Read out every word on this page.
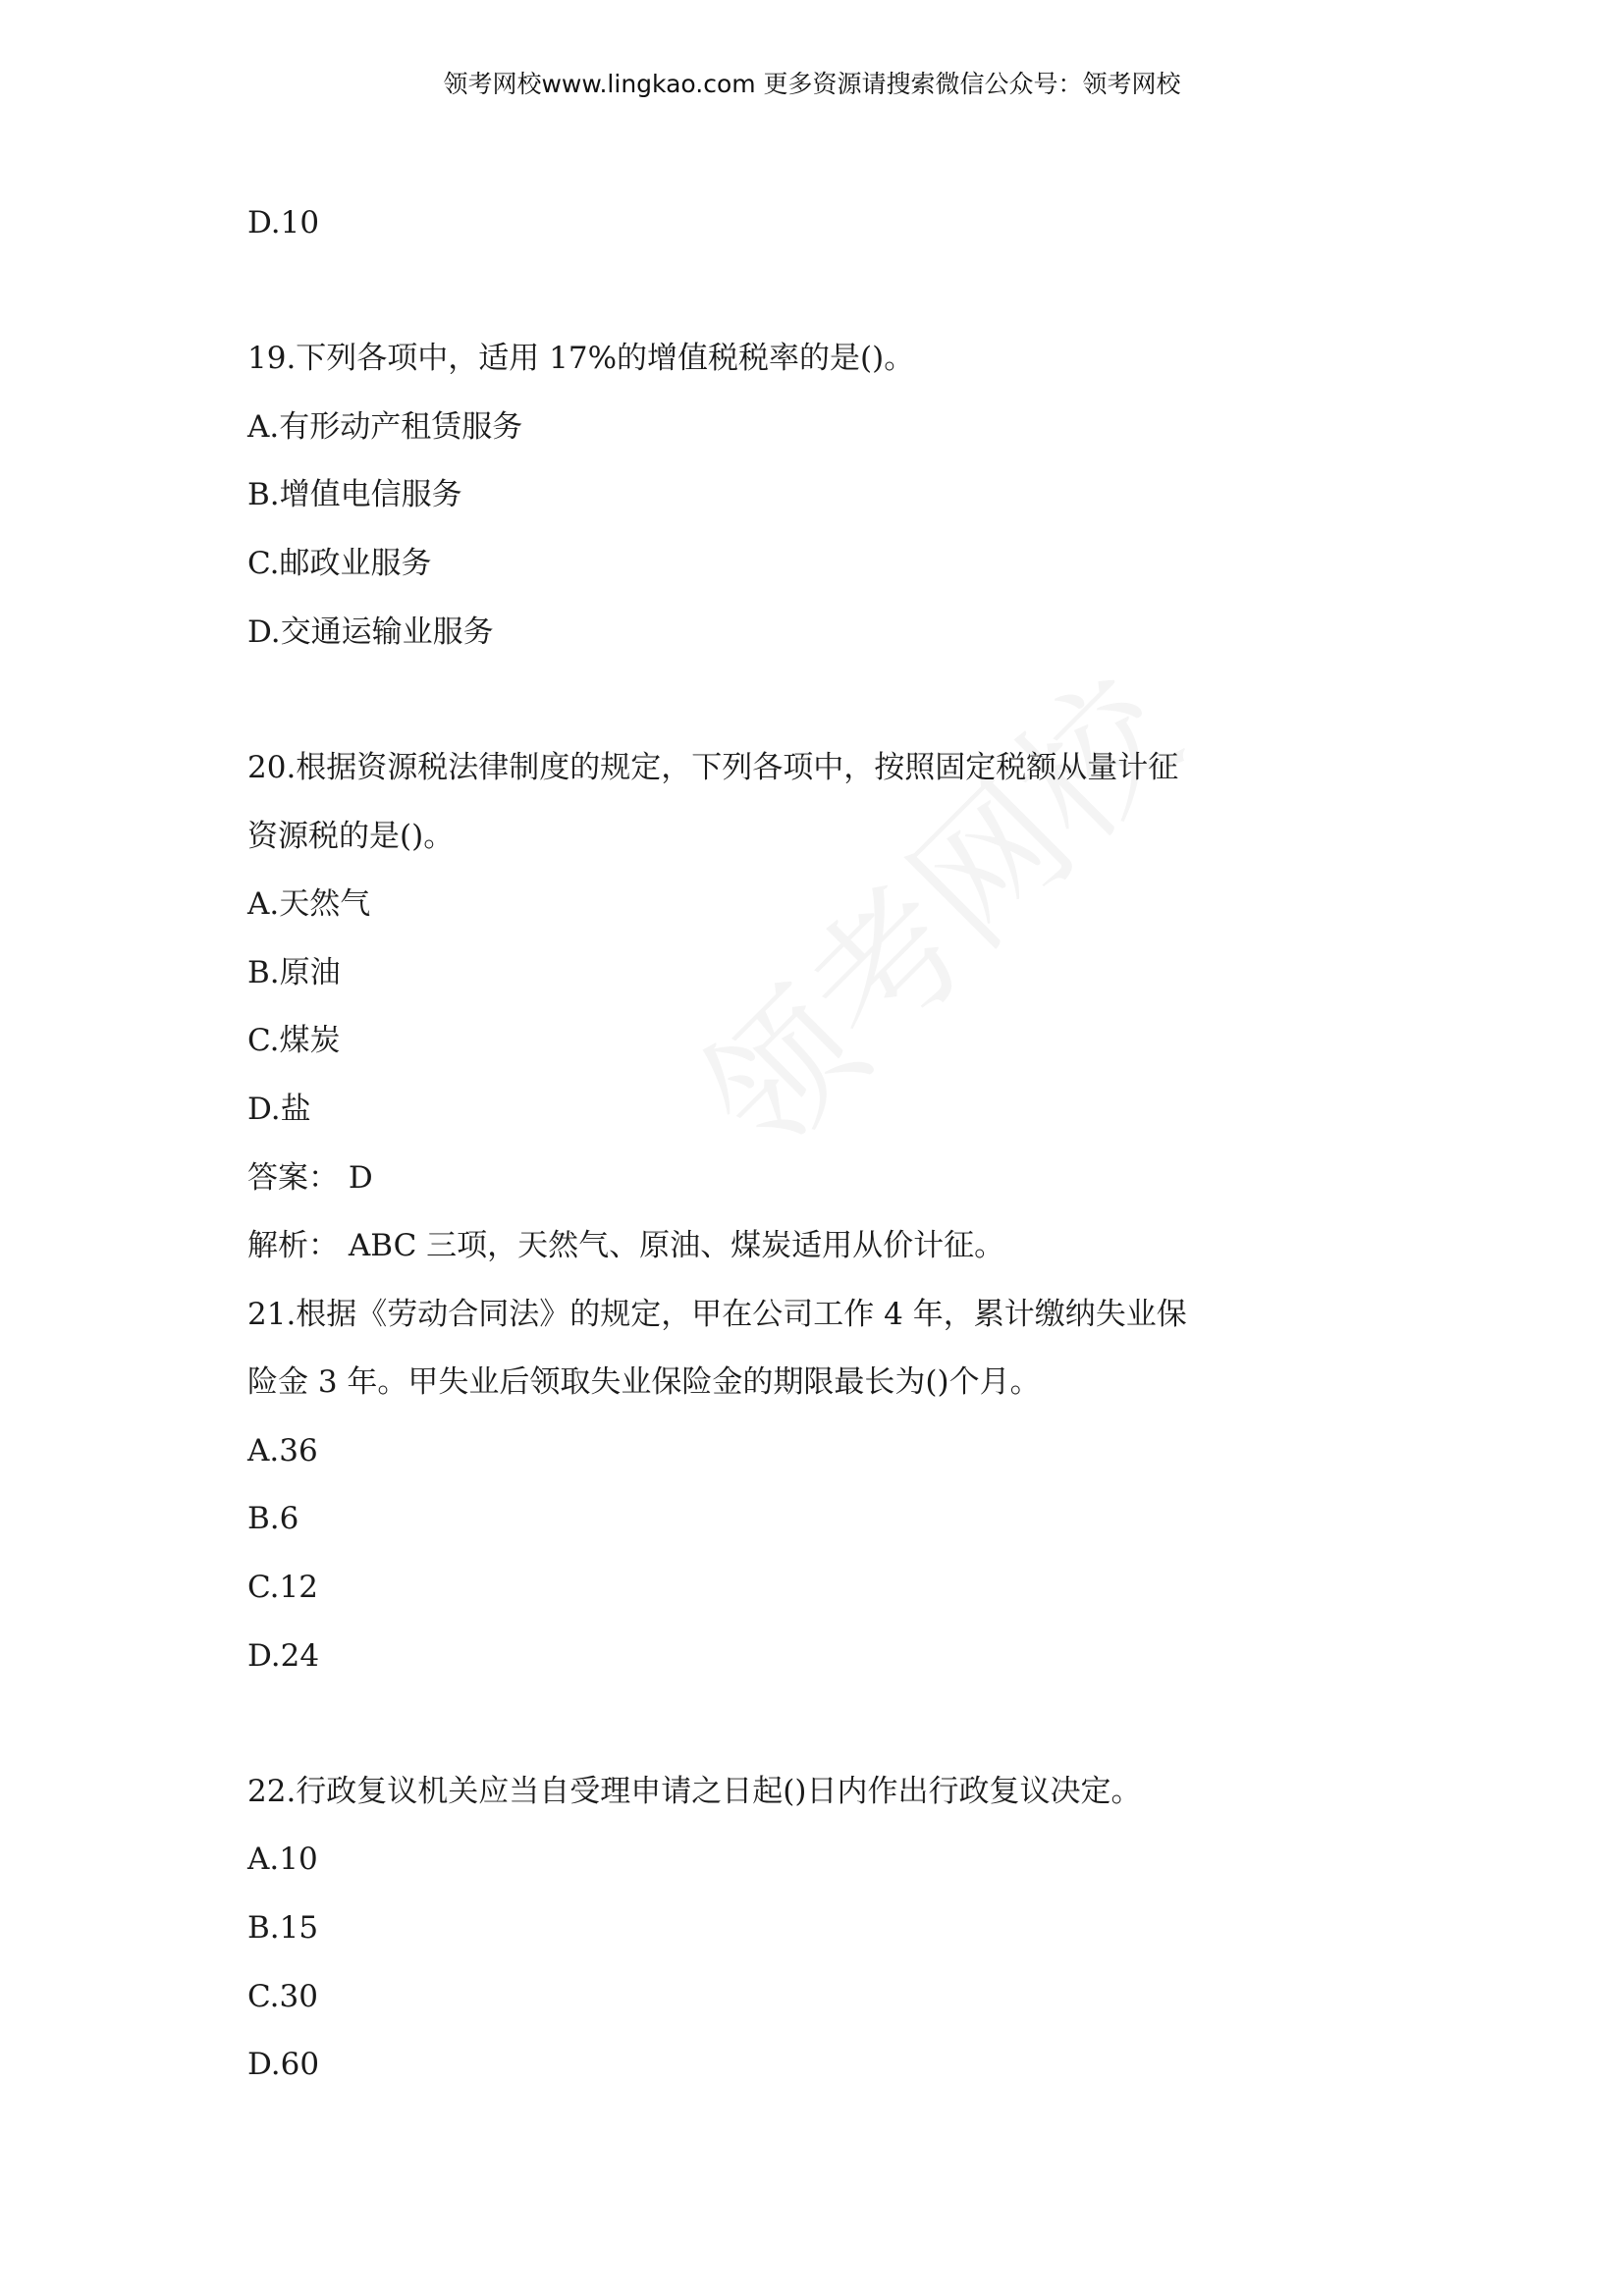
领考网校www.lingkao.com 更多资源请搜索微信公众号：领考网校
D.10
19.下列各项中，适用 17%的增值税税率的是()。
A.有形动产租赁服务
B.增值电信服务
C.邮政业服务
D.交通运输业服务
20.根据资源税法律制度的规定，下列各项中，按照固定税额从量计征
资源税的是()。
A.天然气
B.原油
C.煤炭
D.盐
答案： D
解析： ABC 三项，天然气、原油、煤炭适用从价计征。
21.根据《劳动合同法》的规定，甲在公司工作 4 年，累计缴纳失业保
险金 3 年。甲失业后领取失业保险金的期限最长为()个月。
A.36
B.6
C.12
D.24
22.行政复议机关应当自受理申请之日起()日内作出行政复议决定。
A.10
B.15
C.30
D.60
